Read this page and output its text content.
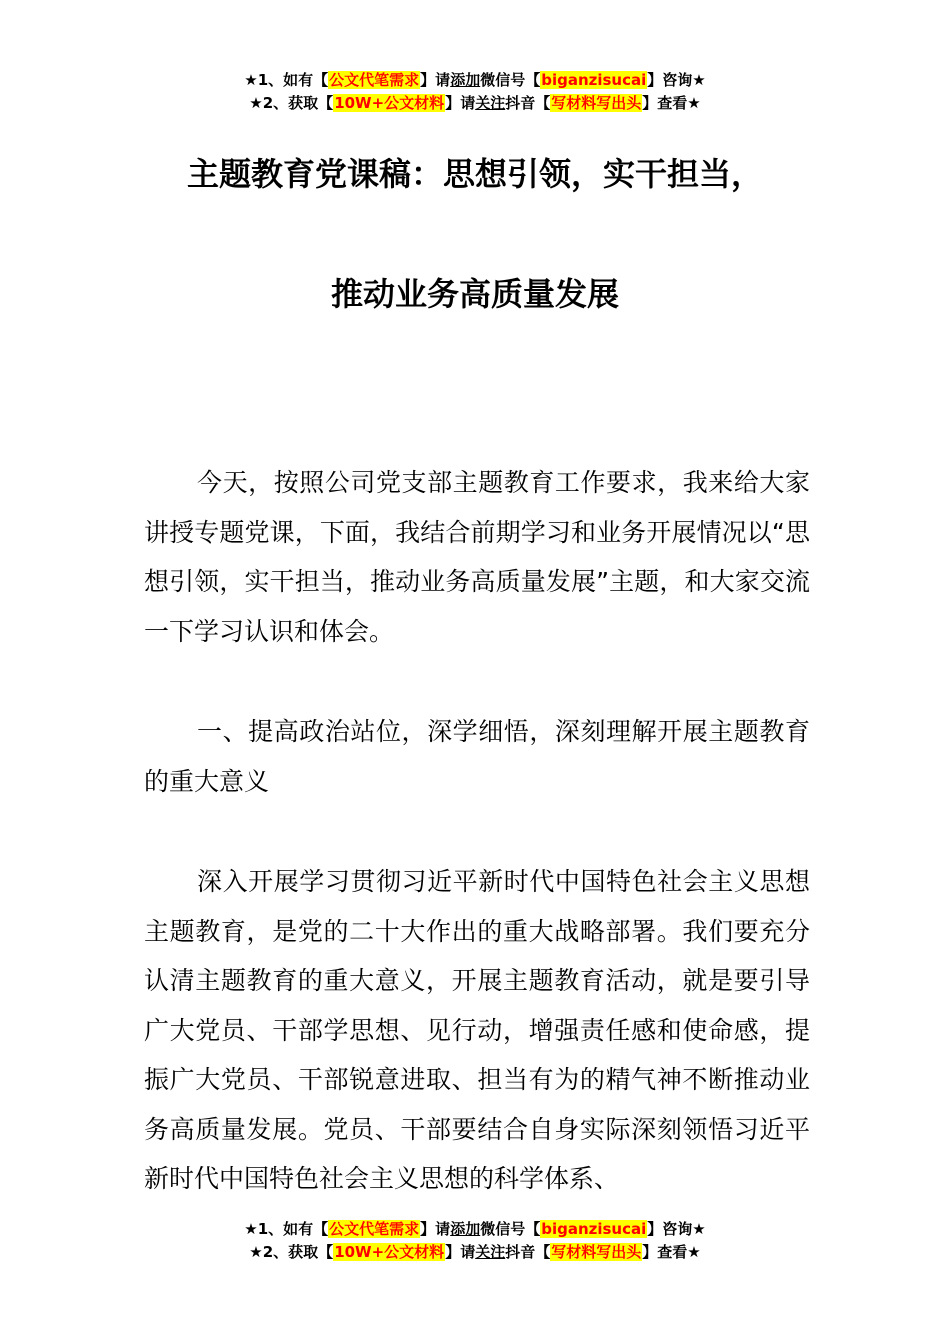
★1、如有【公文代笔需求】请添加微信号【biganzisucai】咨询★
★2、获取【10W+公文材料】请关注抖音【写材料写出头】查看★
主题教育党课稿：思想引领，实干担当，
推动业务高质量发展
今天，按照公司党支部主题教育工作要求，我来给大家讲授专题党课，下面，我结合前期学习和业务开展情况以“思想引领，实干担当，推动业务高质量发展”主题，和大家交流一下学习认识和体会。
一、提高政治站位，深学细悟，深刻理解开展主题教育的重大意义
深入开展学习贯彻习近平新时代中国特色社会主义思想主题教育，是党的二十大作出的重大战略部署。我们要充分认清主题教育的重大意义，开展主题教育活动，就是要引导广大党员、干部学思想、见行动，增强责任感和使命感，提振广大党员、干部锐意进取、担当有为的精气神不断推动业务高质量发展。党员、干部要结合自身实际深刻领悟习近平新时代中国特色社会主义思想的科学体系、
★1、如有【公文代笔需求】请添加微信号【biganzisucai】咨询★
★2、获取【10W+公文材料】请关注抖音【写材料写出头】查看★
